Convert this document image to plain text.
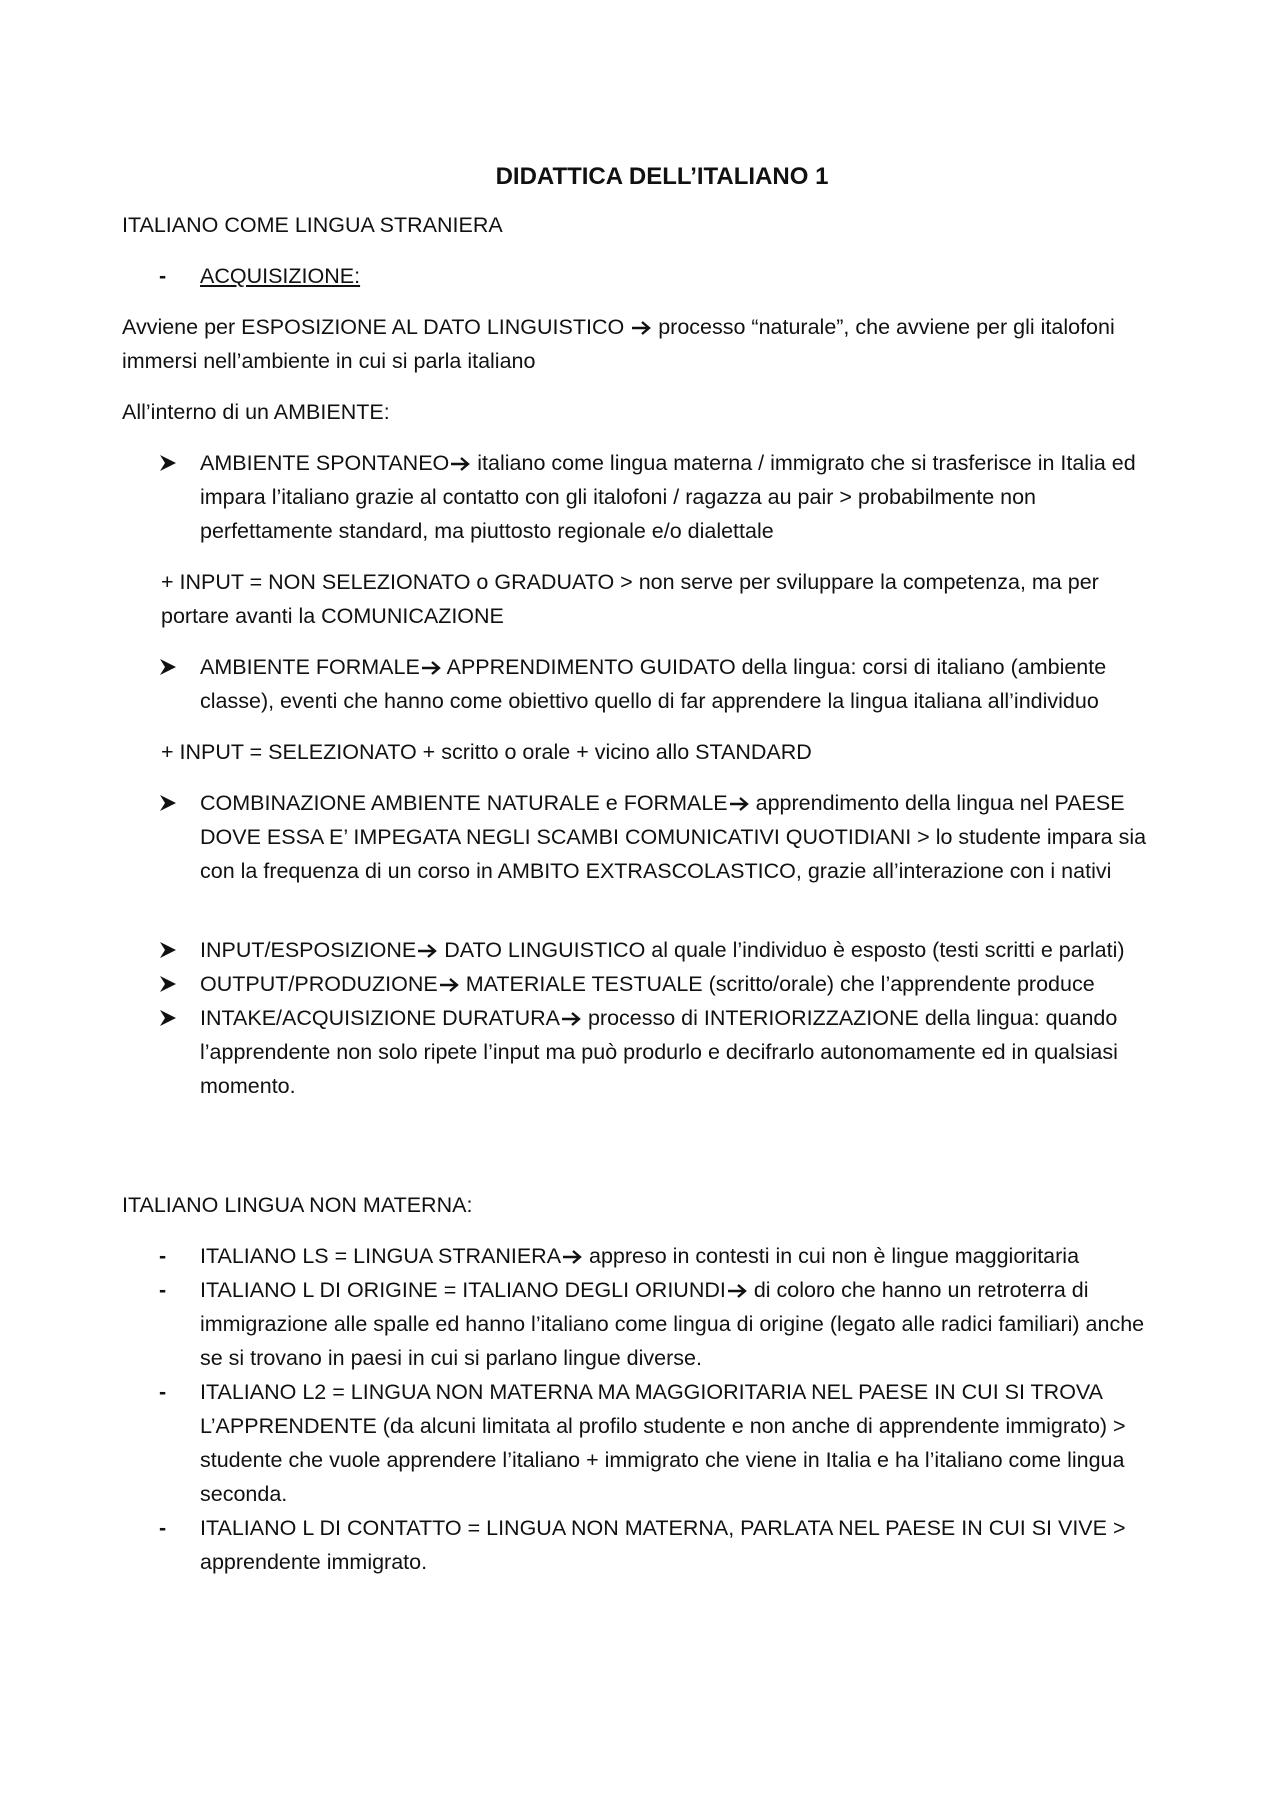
DIDATTICA DELL’ITALIANO 1

ITALIANO COME LINGUA STRANIERA

-	ACQUISIZIONE:

Avviene per ESPOSIZIONE AL DATO LINGUISTICO processo “naturale”, che avviene per gli italofoni immersi nell’ambiente in cui si parla italiano

All’interno di un AMBIENTE:

AMBIENTE SPONTANEO italiano come lingua materna / immigrato che si trasferisce in Italia ed impara l’italiano grazie al contatto con gli italofoni / ragazza au pair > probabilmente non perfettamente standard, ma piuttosto regionale e/o dialettale

+ INPUT = NON SELEZIONATO o GRADUATO > non serve per sviluppare la competenza, ma per portare avanti la COMUNICAZIONE

AMBIENTE FORMALE APPRENDIMENTO GUIDATO della lingua: corsi di italiano (ambiente classe), eventi che hanno come obiettivo quello di far apprendere la lingua italiana all’individuo

+ INPUT = SELEZIONATO + scritto o orale + vicino allo STANDARD

COMBINAZIONE AMBIENTE NATURALE e FORMALE apprendimento della lingua nel PAESE DOVE ESSA E’ IMPEGATA NEGLI SCAMBI COMUNICATIVI QUOTIDIANI > lo studente impara sia con la frequenza di un corso in AMBITO EXTRASCOLASTICO, grazie all’interazione con i nativi
INPUT/ESPOSIZIONE DATO LINGUISTICO al quale l’individuo è esposto (testi scritti e parlati)
OUTPUT/PRODUZIONE MATERIALE TESTUALE (scritto/orale) che l’apprendente produce
INTAKE/ACQUISIZIONE DURATURA processo di INTERIORIZZAZIONE della lingua: quando l’apprendente non solo ripete l’input ma può produrlo e decifrarlo autonomamente ed in qualsiasi momento.

ITALIANO LINGUA NON MATERNA:

-	ITALIANO LS = LINGUA STRANIERA appreso in contesti in cui non è lingue maggioritaria
-	ITALIANO L DI ORIGINE = ITALIANO DEGLI ORIUNDI di coloro che hanno un retroterra di immigrazione alle spalle ed hanno l’italiano come lingua di origine (legato alle radici familiari) anche se si trovano in paesi in cui si parlano lingue diverse.
-	ITALIANO L2 = LINGUA NON MATERNA MA MAGGIORITARIA NEL PAESE IN CUI SI TROVA L’APPRENDENTE (da alcuni limitata al profilo studente e non anche di apprendente immigrato) > studente che vuole apprendere l’italiano + immigrato che viene in Italia e ha l’italiano come lingua seconda.
-	ITALIANO L DI CONTATTO = LINGUA NON MATERNA, PARLATA NEL PAESE IN CUI SI VIVE > apprendente immigrato.
